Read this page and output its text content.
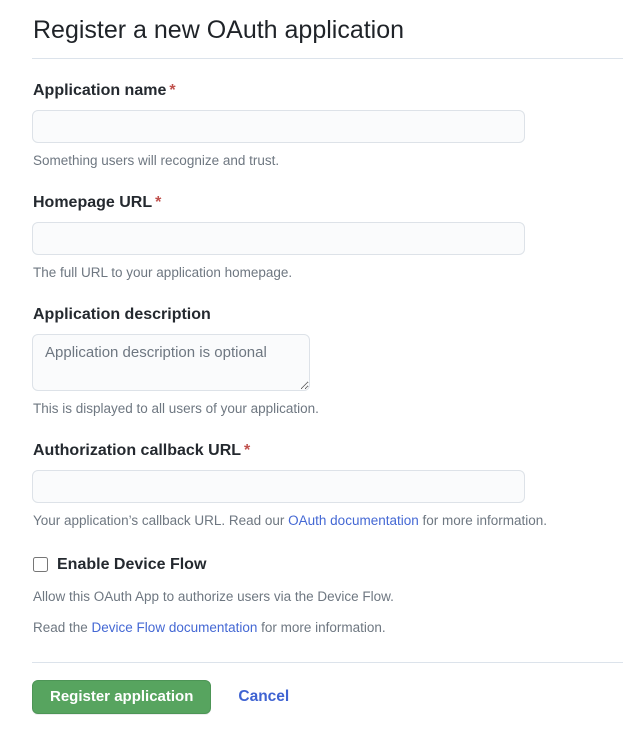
Register a new OAuth application
Application name *

Something users will recognize and trust.

Homepage URL *

The full URL to your application homepage.

Application description
Application description is optional

This is displayed to all users of your application.

Authorization callback URL *

Your application’s callback URL. Read our OAuth documentation for more information.

Enable Device Flow

Allow this OAuth App to authorize users via the Device Flow.

Read the Device Flow documentation for more information.

Register application	Cancel
